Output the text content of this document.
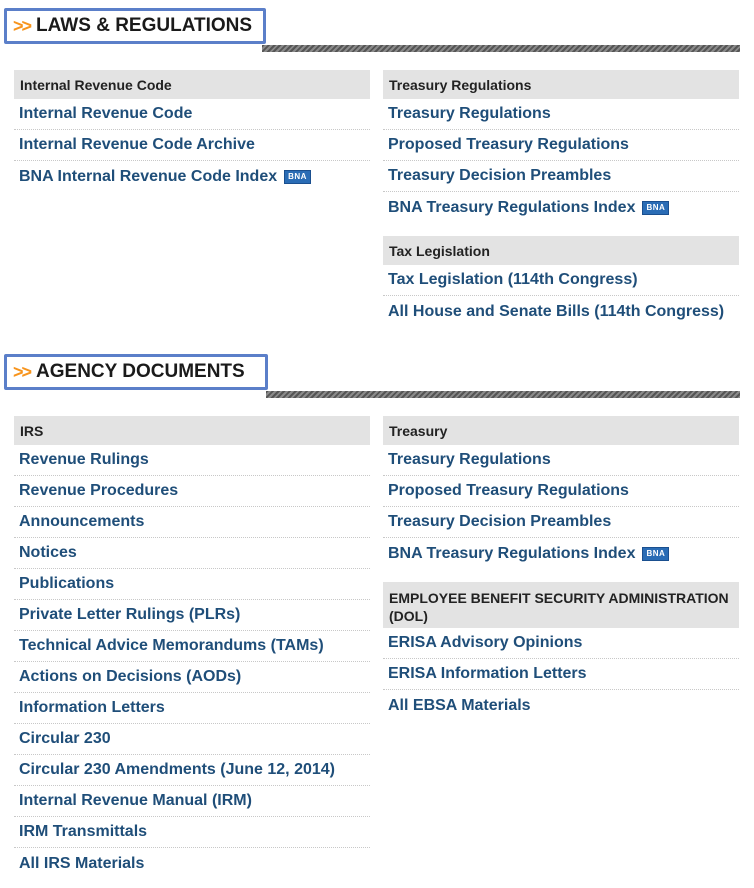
>> LAWS & REGULATIONS
Internal Revenue Code
Internal Revenue Code
Internal Revenue Code Archive
BNA Internal Revenue Code Index	BNA
Treasury Regulations
Treasury Regulations
Proposed Treasury Regulations
Treasury Decision Preambles
BNA Treasury Regulations Index	BNA
Tax Legislation
Tax Legislation (114th Congress)
All House and Senate Bills (114th Congress)
>> AGENCY DOCUMENTS
IRS
Revenue Rulings
Revenue Procedures
Announcements
Notices
Publications
Private Letter Rulings (PLRs)
Technical Advice Memorandums (TAMs)
Actions on Decisions (AODs)
Information Letters
Circular 230
Circular 230 Amendments (June 12, 2014)
Internal Revenue Manual (IRM)
IRM Transmittals
All IRS Materials
Treasury
Treasury Regulations
Proposed Treasury Regulations
Treasury Decision Preambles
BNA Treasury Regulations Index	BNA
EMPLOYEE BENEFIT SECURITY ADMINISTRATION (DOL)
ERISA Advisory Opinions
ERISA Information Letters
All EBSA Materials
